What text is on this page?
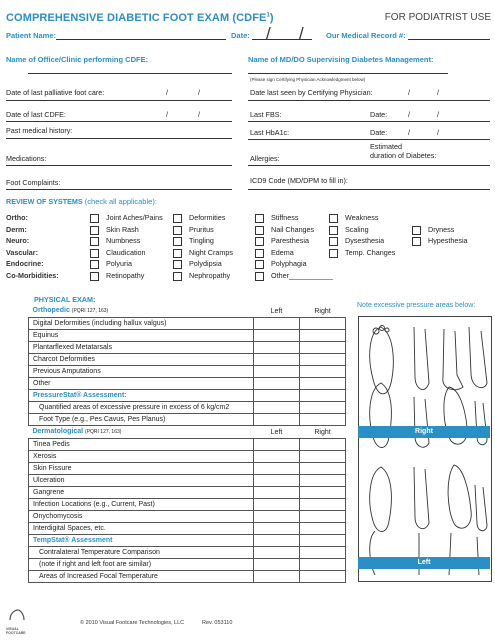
COMPREHENSIVE DIABETIC FOOT EXAM (CDFE$^1$)	FOR PODIATRIST USE
Patient Name:	Date: /      /	Our Medical Record #:
Name of Office/Clinic performing CDFE:	Name of MD/DO Supervising Diabetes Management:
(Please sign Certifying Physician Acknowledgment below)
Date of last palliative foot care:	/	/	Date last seen by Certifying Physician:	/	/
Date of last CDFE:	/	/	Last FBS:	Date:	/	/
Past medical history:	Last HbA1c:	Date:	/	/
Estimated
Medications:	Allergies:	duration of Diabetes:
Foot Complaints:	ICD9 Code (MD/DPM to fill in):
REVIEW OF SYSTEMS (check all applicable):
Ortho:	Joint Aches/Pains	Deformities	Stiffness	Weakness
Derm:	Skin Rash	Pruritus	Nail Changes	Scaling	Dryness
Neuro:	Numbness	Tingling	Paresthesia	Dysesthesia	Hypesthesia
Vascular:	Claudication	Night Cramps	Edema	Temp. Changes
Endocrine:	Polyuria	Polydipsia	Polyphagia
Co-Morbidities:	Retinopathy	Nephropathy	Other___________
PHYSICAL EXAM:
Orthopedic (PQRI 127, 163)	Left	Right
Digital Deformities (including hallux valgus)		
Equinus		
Plantarflexed Metatarsals		
Charcot Deformities		
Previous Amputations		
Other		
PressureStat® Assessment:		
Quantified areas of excessive pressure in excess of 6 kg/cm2		
Foot Type (e.g., Pes Cavus, Pes Planus)		
Dermatological (PQRI 127, 163)	Left	Right
Tinea Pedis		
Xerosis		
Skin Fissure		
Ulceration		
Gangrene		
Infection Locations (e.g., Current, Past)		
Onychomycosis		
Interdigital Spaces, etc.		
TempStat® Assessment		
Contralateral Temperature Comparison		
(note if right and left foot are similar)		
Areas of Increased Focal Temperature		
Note excessive pressure areas below:
Right
Left
VISUAL
FOOTCARE
© 2010 Visual Footcare Technologies, LLC	Rev. 053110
